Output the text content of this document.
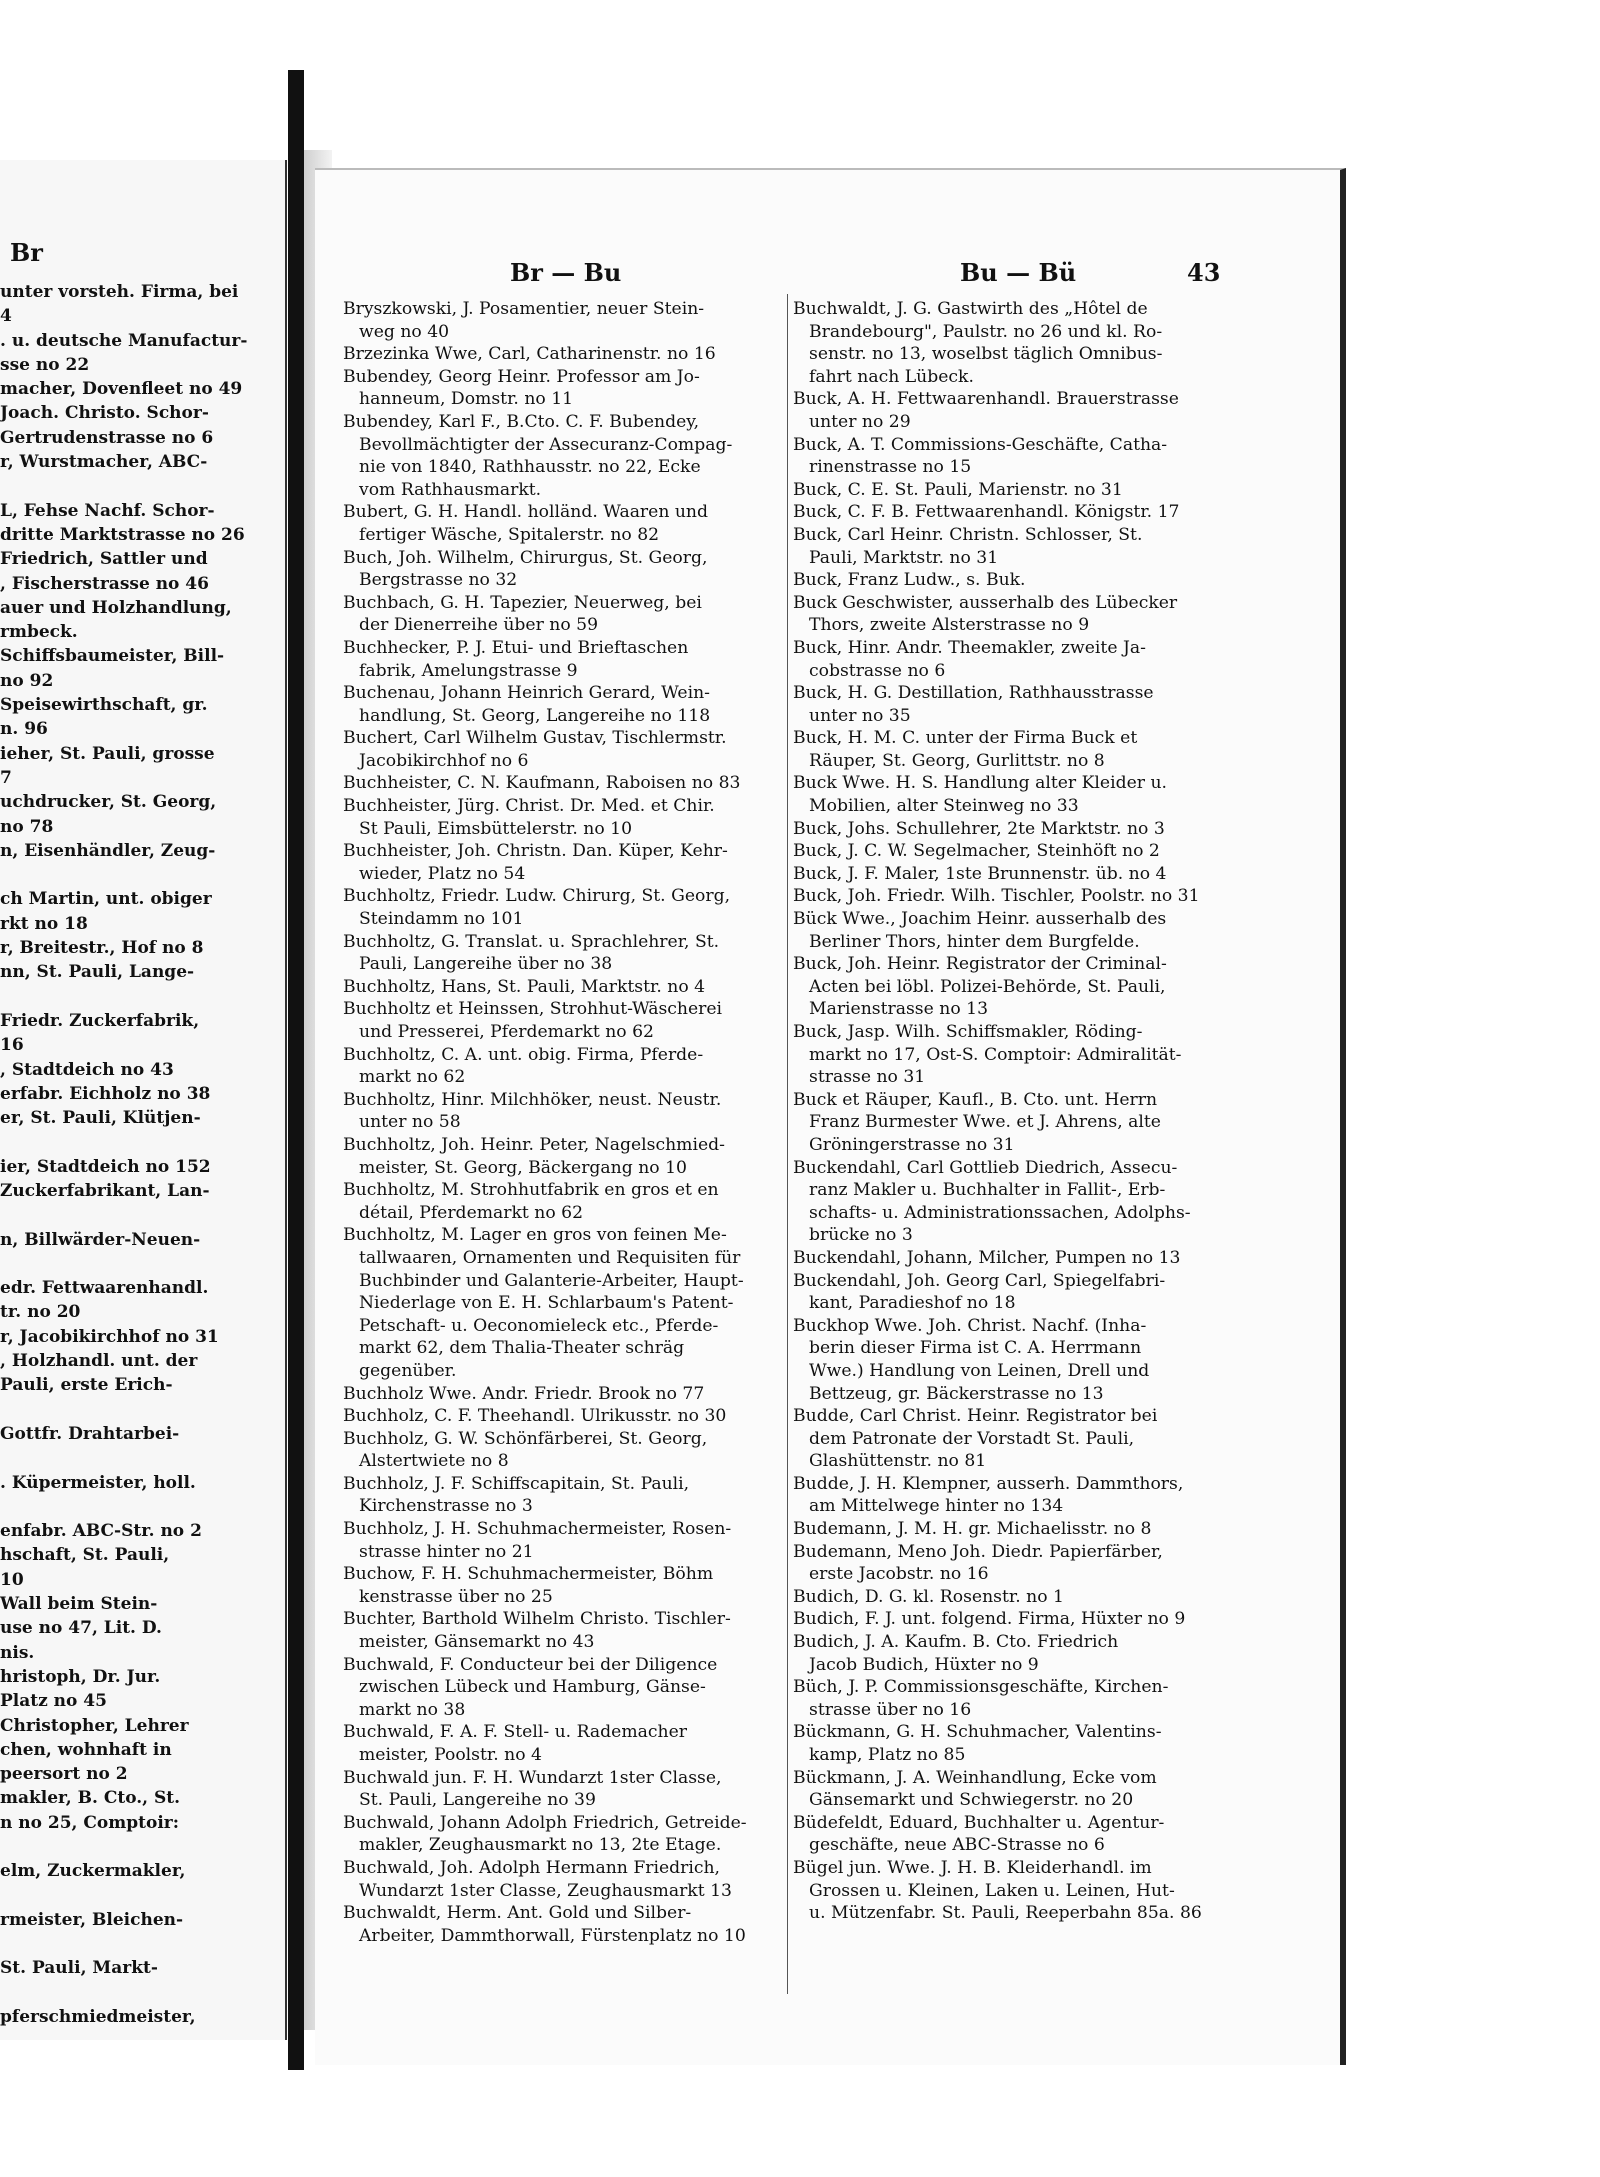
Br
unter vorsteh. Firma, bei
4
. u. deutsche Manufactur-
sse no 22
macher, Dovenfleet no 49
Joach. Christo. Schor-
Gertrudenstrasse no 6
r, Wurstmacher, ABC-

L, Fehse Nachf. Schor-
dritte Marktstrasse no 26
Friedrich, Sattler und
, Fischerstrasse no 46
auer und Holzhandlung,
rmbeck.
Schiffsbaumeister, Bill-
no 92
Speisewirthschaft, gr.
n. 96
ieher, St. Pauli, grosse
7
uchdrucker, St. Georg,
no 78
n, Eisenhändler, Zeug-

ch Martin, unt. obiger
rkt no 18
r, Breitestr., Hof no 8
nn, St. Pauli, Lange-

Friedr. Zuckerfabrik,
16
, Stadtdeich no 43
erfabr. Eichholz no 38
er, St. Pauli, Klütjen-

ier, Stadtdeich no 152
Zuckerfabrikant, Lan-

n, Billwärder-Neuen-

edr. Fettwaarenhandl.
tr. no 20
r, Jacobikirchhof no 31
, Holzhandl. unt. der
Pauli, erste Erich-

Gottfr. Drahtarbei-

. Küpermeister, holl.

enfabr. ABC-Str. no 2
hschaft, St. Pauli,
10
Wall beim Stein-
use no 47, Lit. D.
nis.
hristoph, Dr. Jur.
Platz no 45
Christopher, Lehrer
chen, wohnhaft in
peersort no 2
makler, B. Cto., St.
n no 25, Comptoir:

elm, Zuckermakler,

rmeister, Bleichen-

St. Pauli, Markt-

pferschmiedmeister,
Br — Bu	Bu — Bü	43
Bryszkowski, J. Posamentier, neuer Stein-
weg no 40
Brzezinka Wwe, Carl, Catharinenstr. no 16
Bubendey, Georg Heinr. Professor am Jo-
hanneum, Domstr. no 11
Bubendey, Karl F., B.Cto. C. F. Bubendey,
Bevollmächtigter der Assecuranz-Compag-
nie von 1840, Rathhausstr. no 22, Ecke
vom Rathhausmarkt.
Bubert, G. H. Handl. holländ. Waaren und
fertiger Wäsche, Spitalerstr. no 82
Buch, Joh. Wilhelm, Chirurgus, St. Georg,
Bergstrasse no 32
Buchbach, G. H. Tapezier, Neuerweg, bei
der Dienerreihe über no 59
Buchhecker, P. J. Etui- und Brieftaschen
fabrik, Amelungstrasse 9
Buchenau, Johann Heinrich Gerard, Wein-
handlung, St. Georg, Langereihe no 118
Buchert, Carl Wilhelm Gustav, Tischlermstr.
Jacobikirchhof no 6
Buchheister, C. N. Kaufmann, Raboisen no 83
Buchheister, Jürg. Christ. Dr. Med. et Chir.
St Pauli, Eimsbüttelerstr. no 10
Buchheister, Joh. Christn. Dan. Küper, Kehr-
wieder, Platz no 54
Buchholtz, Friedr. Ludw. Chirurg, St. Georg,
Steindamm no 101
Buchholtz, G. Translat. u. Sprachlehrer, St.
Pauli, Langereihe über no 38
Buchholtz, Hans, St. Pauli, Marktstr. no 4
Buchholtz et Heinssen, Strohhut-Wäscherei
und Presserei, Pferdemarkt no 62
Buchholtz, C. A. unt. obig. Firma, Pferde-
markt no 62
Buchholtz, Hinr. Milchhöker, neust. Neustr.
unter no 58
Buchholtz, Joh. Heinr. Peter, Nagelschmied-
meister, St. Georg, Bäckergang no 10
Buchholtz, M. Strohhutfabrik en gros et en
détail, Pferdemarkt no 62
Buchholtz, M. Lager en gros von feinen Me-
tallwaaren, Ornamenten und Requisiten für
Buchbinder und Galanterie-Arbeiter, Haupt-
Niederlage von E. H. Schlarbaum's Patent-
Petschaft- u. Oeconomieleck etc., Pferde-
markt 62, dem Thalia-Theater schräg
gegenüber.
Buchholz Wwe. Andr. Friedr. Brook no 77
Buchholz, C. F. Theehandl. Ulrikusstr. no 30
Buchholz, G. W. Schönfärberei, St. Georg,
Alstertwiete no 8
Buchholz, J. F. Schiffscapitain, St. Pauli,
Kirchenstrasse no 3
Buchholz, J. H. Schuhmachermeister, Rosen-
strasse hinter no 21
Buchow, F. H. Schuhmachermeister, Böhm
kenstrasse über no 25
Buchter, Barthold Wilhelm Christo. Tischler-
meister, Gänsemarkt no 43
Buchwald, F. Conducteur bei der Diligence
zwischen Lübeck und Hamburg, Gänse-
markt no 38
Buchwald, F. A. F. Stell- u. Rademacher
meister, Poolstr. no 4
Buchwald jun. F. H. Wundarzt 1ster Classe,
St. Pauli, Langereihe no 39
Buchwald, Johann Adolph Friedrich, Getreide-
makler, Zeughausmarkt no 13, 2te Etage.
Buchwald, Joh. Adolph Hermann Friedrich,
Wundarzt 1ster Classe, Zeughausmarkt 13
Buchwaldt, Herm. Ant. Gold und Silber-
Arbeiter, Dammthorwall, Fürstenplatz no 10
Buchwaldt, J. G. Gastwirth des „Hôtel de
Brandebourg", Paulstr. no 26 und kl. Ro-
senstr. no 13, woselbst täglich Omnibus-
fahrt nach Lübeck.
Buck, A. H. Fettwaarenhandl. Brauerstrasse
unter no 29
Buck, A. T. Commissions-Geschäfte, Catha-
rinenstrasse no 15
Buck, C. E. St. Pauli, Marienstr. no 31
Buck, C. F. B. Fettwaarenhandl. Königstr. 17
Buck, Carl Heinr. Christn. Schlosser, St.
Pauli, Marktstr. no 31
Buck, Franz Ludw., s. Buk.
Buck Geschwister, ausserhalb des Lübecker
Thors, zweite Alsterstrasse no 9
Buck, Hinr. Andr. Theemakler, zweite Ja-
cobstrasse no 6
Buck, H. G. Destillation, Rathhausstrasse
unter no 35
Buck, H. M. C. unter der Firma Buck et
Räuper, St. Georg, Gurlittstr. no 8
Buck Wwe. H. S. Handlung alter Kleider u.
Mobilien, alter Steinweg no 33
Buck, Johs. Schullehrer, 2te Marktstr. no 3
Buck, J. C. W. Segelmacher, Steinhöft no 2
Buck, J. F. Maler, 1ste Brunnenstr. üb. no 4
Buck, Joh. Friedr. Wilh. Tischler, Poolstr. no 31
Bück Wwe., Joachim Heinr. ausserhalb des
Berliner Thors, hinter dem Burgfelde.
Buck, Joh. Heinr. Registrator der Criminal-
Acten bei löbl. Polizei-Behörde, St. Pauli,
Marienstrasse no 13
Buck, Jasp. Wilh. Schiffsmakler, Röding-
markt no 17, Ost-S. Comptoir: Admiralität-
strasse no 31
Buck et Räuper, Kaufl., B. Cto. unt. Herrn
Franz Burmester Wwe. et J. Ahrens, alte
Gröningerstrasse no 31
Buckendahl, Carl Gottlieb Diedrich, Assecu-
ranz Makler u. Buchhalter in Fallit-, Erb-
schafts- u. Administrationssachen, Adolphs-
brücke no 3
Buckendahl, Johann, Milcher, Pumpen no 13
Buckendahl, Joh. Georg Carl, Spiegelfabri-
kant, Paradieshof no 18
Buckhop Wwe. Joh. Christ. Nachf. (Inha-
berin dieser Firma ist C. A. Herrmann
Wwe.) Handlung von Leinen, Drell und
Bettzeug, gr. Bäckerstrasse no 13
Budde, Carl Christ. Heinr. Registrator bei
dem Patronate der Vorstadt St. Pauli,
Glashüttenstr. no 81
Budde, J. H. Klempner, ausserh. Dammthors,
am Mittelwege hinter no 134
Budemann, J. M. H. gr. Michaelisstr. no 8
Budemann, Meno Joh. Diedr. Papierfärber,
erste Jacobstr. no 16
Budich, D. G. kl. Rosenstr. no 1
Budich, F. J. unt. folgend. Firma, Hüxter no 9
Budich, J. A. Kaufm. B. Cto. Friedrich
Jacob Budich, Hüxter no 9
Büch, J. P. Commissionsgeschäfte, Kirchen-
strasse über no 16
Bückmann, G. H. Schuhmacher, Valentins-
kamp, Platz no 85
Bückmann, J. A. Weinhandlung, Ecke vom
Gänsemarkt und Schwiegerstr. no 20
Büdefeldt, Eduard, Buchhalter u. Agentur-
geschäfte, neue ABC-Strasse no 6
Bügel jun. Wwe. J. H. B. Kleiderhandl. im
Grossen u. Kleinen, Laken u. Leinen, Hut-
u. Mützenfabr. St. Pauli, Reeperbahn 85a. 86
